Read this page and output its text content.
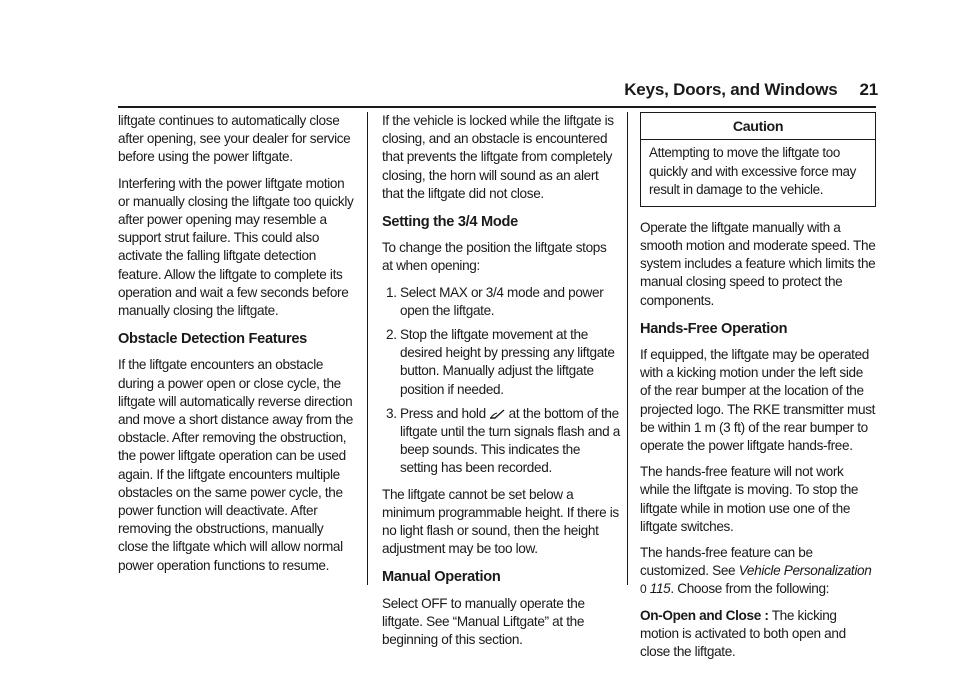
Keys, Doors, and Windows 21

liftgate continues to automatically close after opening, see your dealer for service before using the power liftgate.

Interfering with the power liftgate motion or manually closing the liftgate too quickly after power opening may resemble a support strut failure. This could also activate the falling liftgate detection feature. Allow the liftgate to complete its operation and wait a few seconds before manually closing the liftgate.

Obstacle Detection Features

If the liftgate encounters an obstacle during a power open or close cycle, the liftgate will automatically reverse direction and move a short distance away from the obstacle. After removing the obstruction, the power liftgate operation can be used again. If the liftgate encounters multiple obstacles on the same power cycle, the power function will deactivate. After removing the obstructions, manually close the liftgate which will allow normal power operation functions to resume.

If the vehicle is locked while the liftgate is closing, and an obstacle is encountered that prevents the liftgate from completely closing, the horn will sound as an alert that the liftgate did not close.

Setting the 3/4 Mode

To change the position the liftgate stops at when opening:

1. Select MAX or 3/4 mode and power open the liftgate.
2. Stop the liftgate movement at the desired height by pressing any liftgate button. Manually adjust the liftgate position if needed.
3. Press and hold at the bottom of the liftgate until the turn signals flash and a beep sounds. This indicates the setting has been recorded.

The liftgate cannot be set below a minimum programmable height. If there is no light flash or sound, then the height adjustment may be too low.

Manual Operation

Select OFF to manually operate the liftgate. See “Manual Liftgate” at the beginning of this section.

Caution
Attempting to move the liftgate too quickly and with excessive force may result in damage to the vehicle.

Operate the liftgate manually with a smooth motion and moderate speed. The system includes a feature which limits the manual closing speed to protect the components.

Hands-Free Operation

If equipped, the liftgate may be operated with a kicking motion under the left side of the rear bumper at the location of the projected logo. The RKE transmitter must be within 1 m (3 ft) of the rear bumper to operate the power liftgate hands-free.

The hands-free feature will not work while the liftgate is moving. To stop the liftgate while in motion use one of the liftgate switches.

The hands-free feature can be customized. See Vehicle Personalization 0 115. Choose from the following:

On-Open and Close : The kicking motion is activated to both open and close the liftgate.
